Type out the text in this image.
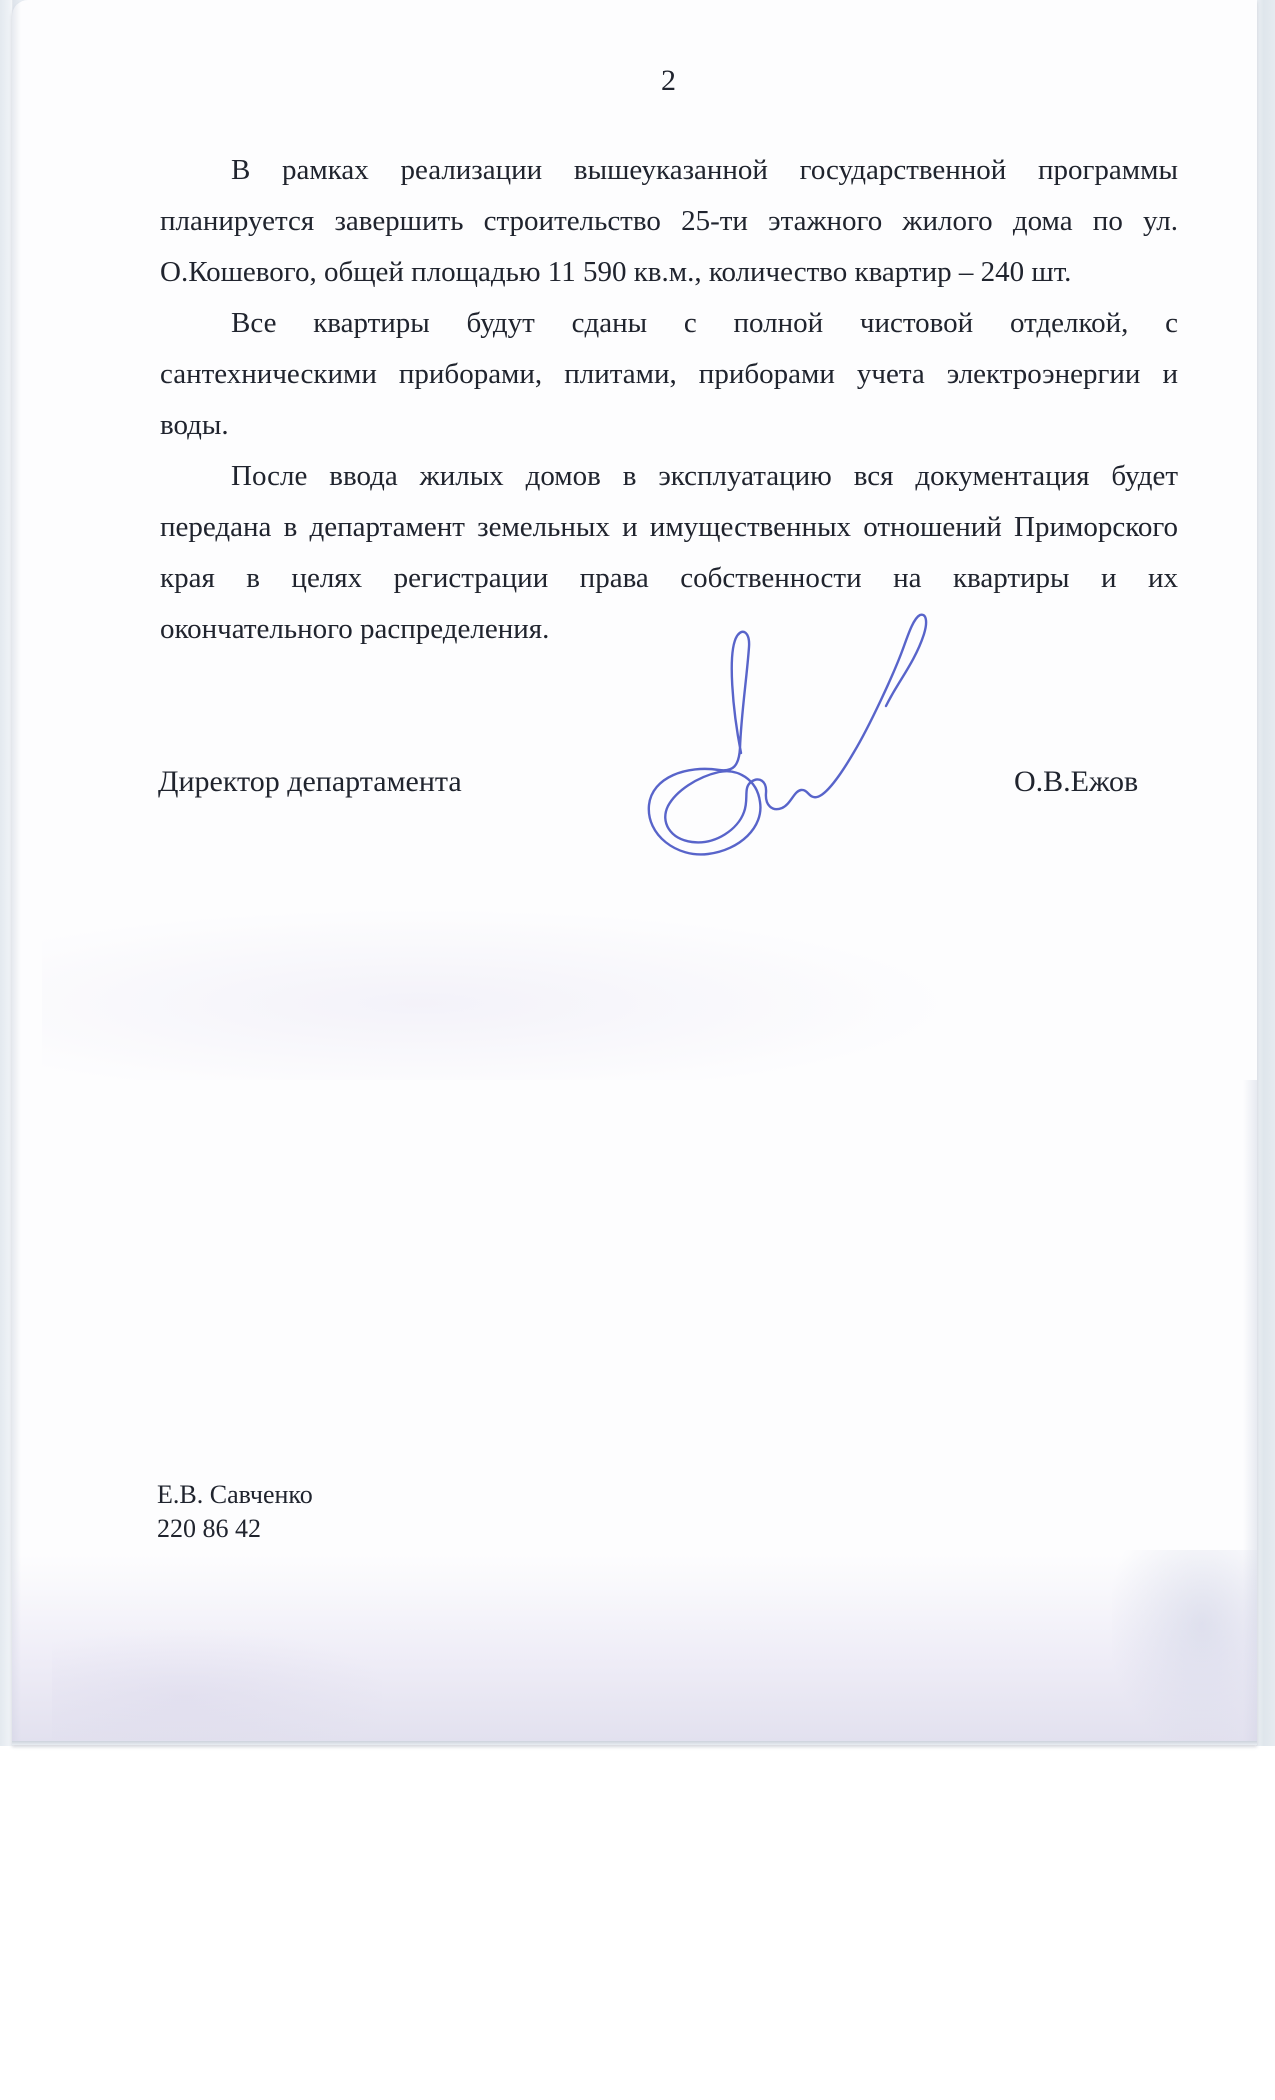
2
В рамках реализации вышеуказанной государственной программы
планируется завершить строительство 25-ти этажного жилого дома по ул.
О.Кошевого, общей площадью 11 590 кв.м., количество квартир – 240 шт.
Все квартиры будут сданы с полной чистовой отделкой, с
сантехническими приборами, плитами, приборами учета электроэнергии и
воды.
После ввода жилых домов в эксплуатацию вся документация будет
передана в департамент земельных и имущественных отношений Приморского
края в целях регистрации права собственности на квартиры и их
окончательного распределения.
Директор департамента	О.В.Ежов
Е.В. Савченко
220 86 42
